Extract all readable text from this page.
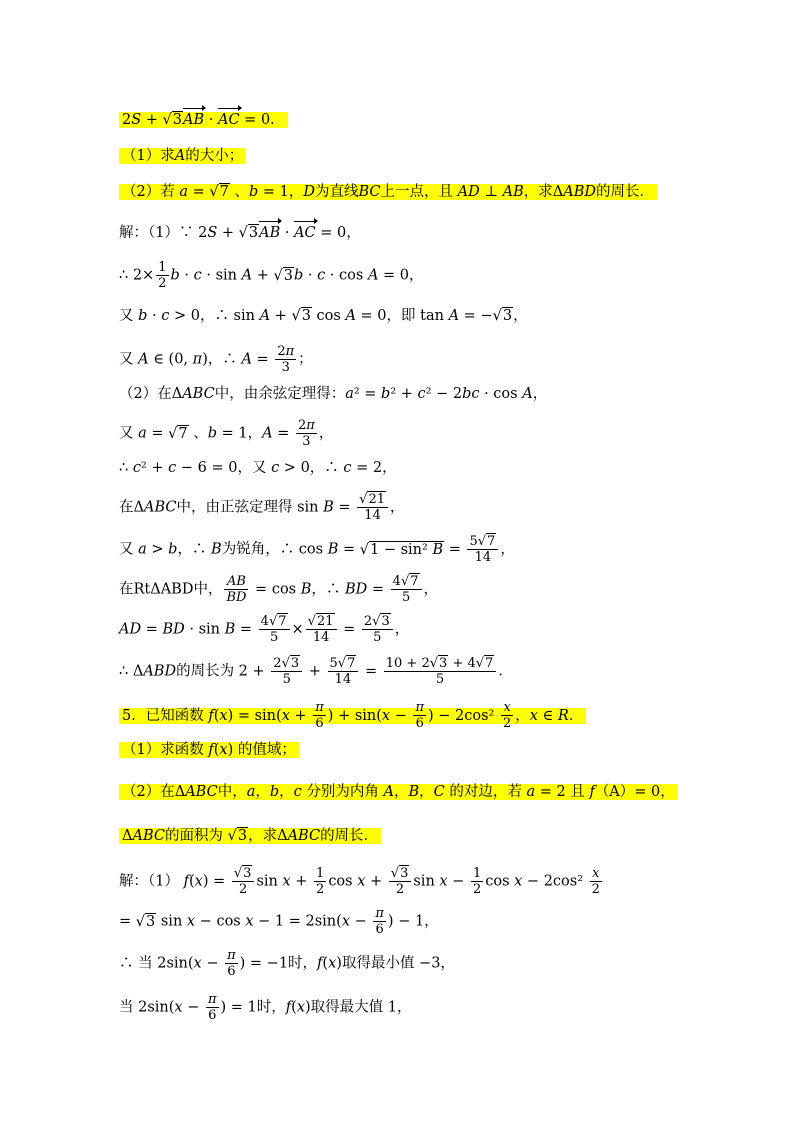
2S + √3AB · AC = 0．
（1）求A的大小；
（2）若 a = √7 、b = 1，D为直线BC上一点，且 AD ⊥ AB，求ΔABD的周长．
解：（1）∵ 2S + √3AB · AC = 0，
∴ $2\times \frac{1}{2}$ b · c · sin A + √3b · c · cos A = 0，
又 b · c > 0，∴ sin A + √3 cos A = 0，即 tan A = −√3，
又 A ∈ (0, π)，∴ $A = \frac{2\pi}{3}$ ；
（2）在ΔABC中，由余弦定理得：a² = b² + c² − 2bc · cos A，
又 a = √7 、b = 1，$A = \frac{2\pi}{3}$ ，
∴ c² + c − 6 = 0，又 c > 0，∴ c = 2，
在ΔABC中，由正弦定理得 $\sin B = \frac{√21}{14}$ ，
又 a > b，∴ B为锐角，∴ cos B = √1 − sin² $B = \frac{5√7}{14}$ ，
在RtΔABD中， $\frac{AB}{BD} = \cos B$，∴ BD = $\frac{4√7}{5}$ ，
AD = BD · $\sin B = \frac{4√7}{5} \times \frac{√21}{14} = \frac{2√3}{5}$ ，
∴ ΔABD的周长为 $2 + \frac{2√3}{5} + \frac{5√7}{14} = \frac{10 + 2√3 + 4√7}{5}$ ．
5．已知函数 $f(x) = \sin(x + \frac{\pi}{6}$ ) + $\sin(x - \frac{\pi}{6}$ ) − $2\cos^2 \frac{x}{2}$ ，x ∈ R．
（1）求函数 f(x) 的值域；
（2）在ΔABC中，a，b，c 分别为内角 A，B，C 的对边，若 a = 2 且 f（A）= 0，
ΔABC的面积为 √3，求ΔABC的周长．
解：（1） $f(x) = \frac{√3}{2}$ $\sin x + \frac{1}{2}$ $\cos x + \frac{√3}{2}$ $\sin x - \frac{1}{2}$ $\cos x - 2\cos^2 \frac{x}{2}$
= √3 $\sin x - \cos x - 1 = 2\sin(x - \frac{\pi}{6}$ ) − 1，
∴ 当 $2\sin(x - \frac{\pi}{6}$ ) = −1时，f(x)取得最小值 −3，
当 $2\sin(x - \frac{\pi}{6}$ ) = 1时，f(x)取得最大值 1，
